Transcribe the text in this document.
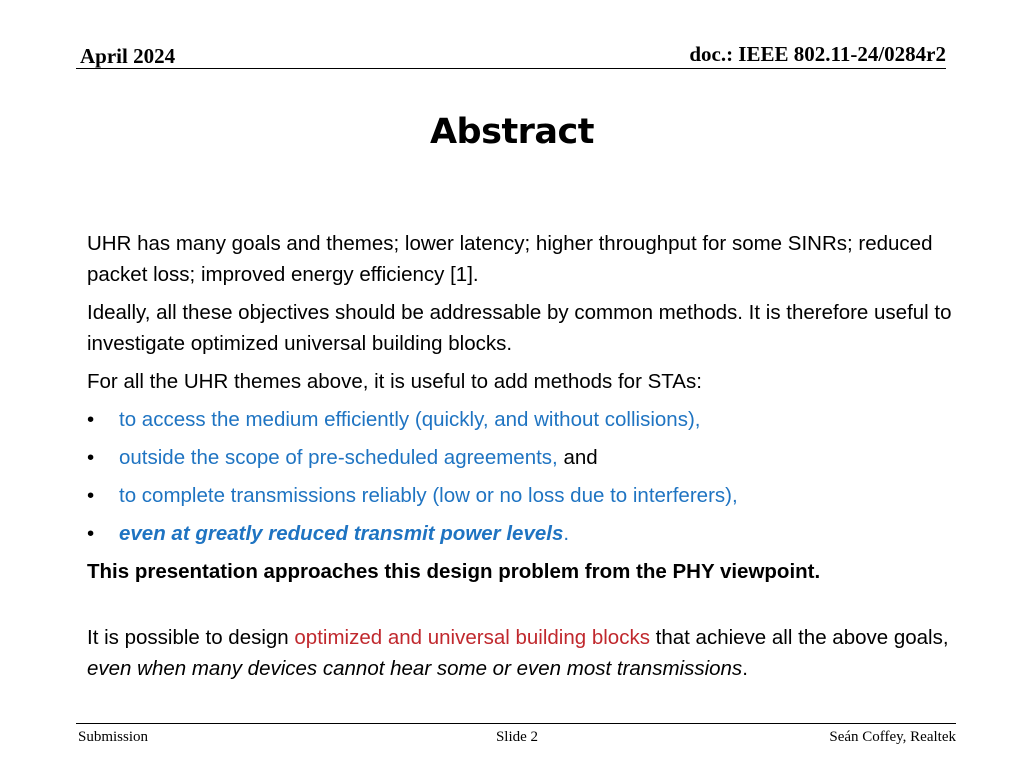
April 2024	doc.: IEEE 802.11-24/0284r2
Abstract

UHR has many goals and themes; lower latency; higher throughput for some SINRs; reduced packet loss; improved energy efficiency [1].

Ideally, all these objectives should be addressable by common methods. It is therefore useful to investigate optimized universal building blocks.

For all the UHR themes above, it is useful to add methods for STAs:

•	to access the medium efficiently (quickly, and without collisions),
•	outside the scope of pre-scheduled agreements, and
•	to complete transmissions reliably (low or no loss due to interferers),
•	even at greatly reduced transmit power levels.

This presentation approaches this design problem from the PHY viewpoint.

It is possible to design optimized and universal building blocks that achieve all the above goals, even when many devices cannot hear some or even most transmissions.

Submission	Slide 2	Seán Coffey, Realtek
